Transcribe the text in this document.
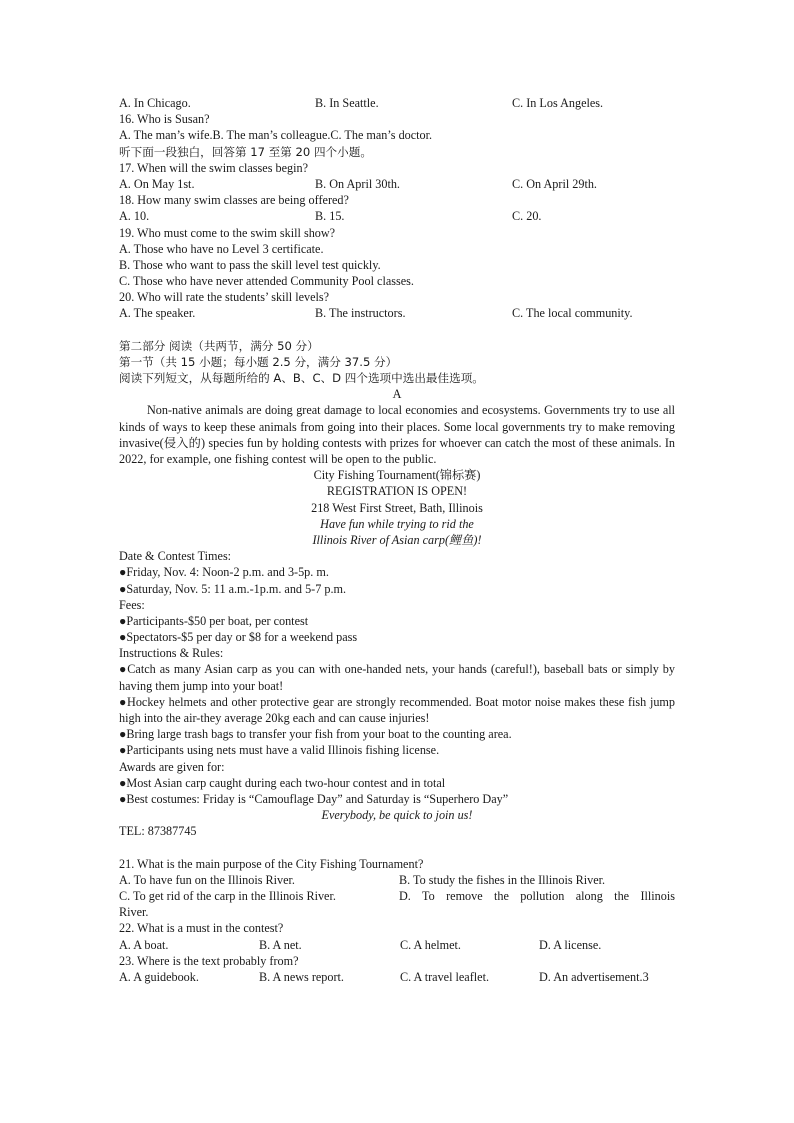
A. In Chicago.	B. In Seattle.	C. In Los Angeles.
16. Who is Susan?
A. The man’s wife.B. The man’s colleague.C. The man’s doctor.
听下面一段独白，回答第 17 至第 20 四个小题。
17. When will the swim classes begin?
A. On May 1st.	B. On April 30th.	C. On April 29th.
18. How many swim classes are being offered?
A. 10.	B. 15.	C. 20.
19. Who must come to the swim skill show?
A. Those who have no Level 3 certificate.
B. Those who want to pass the skill level test quickly.
C. Those who have never attended Community Pool classes.
20. Who will rate the students’ skill levels?
A. The speaker.	B. The instructors.	C. The local community.
第二部分 阅读（共两节，满分 50 分）
第一节（共 15 小题；每小题 2.5 分，满分 37.5 分）
阅读下列短文，从每题所给的 A、B、C、D 四个选项中选出最佳选项。
A
Non-native animals are doing great damage to local economies and ecosystems. Governments try to use all kinds of ways to keep these animals from going into their places. Some local governments try to make removing invasive(侵入的) species fun by holding contests with prizes for whoever can catch the most of these animals. In 2022, for example, one fishing contest will be open to the public.
City Fishing Tournament(锦标赛)
REGISTRATION IS OPEN!
218 West First Street, Bath, Illinois
Have fun while trying to rid the
Illinois River of Asian carp(鲤鱼)!
Date & Contest Times:
●Friday, Nov. 4: Noon-2 p.m. and 3-5p. m.
●Saturday, Nov. 5: 11 a.m.-1p.m. and 5-7 p.m.
Fees:
●Participants-$50 per boat, per contest
●Spectators-$5 per day or $8 for a weekend pass
Instructions & Rules:
●Catch as many Asian carp as you can with one-handed nets, your hands (careful!), baseball bats or simply by having them jump into your boat!
●Hockey helmets and other protective gear are strongly recommended. Boat motor noise makes these fish jump high into the air-they average 20kg each and can cause injuries!
●Bring large trash bags to transfer your fish from your boat to the counting area.
●Participants using nets must have a valid Illinois fishing license.
Awards are given for:
●Most Asian carp caught during each two-hour contest and in total
●Best costumes: Friday is “Camouflage Day” and Saturday is “Superhero Day”
Everybody, be quick to join us!
TEL: 87387745
21. What is the main purpose of the City Fishing Tournament?
A. To have fun on the Illinois River.	B. To study the fishes in the Illinois River.
C. To get rid of the carp in the Illinois River.	D. To remove the pollution along the Illinois
River.
22. What is a must in the contest?
A. A boat.	B. A net.	C. A helmet.	D. A license.
23. Where is the text probably from?
A. A guidebook.	B. A news report.	C. A travel leaflet.	D. An advertisement.3
